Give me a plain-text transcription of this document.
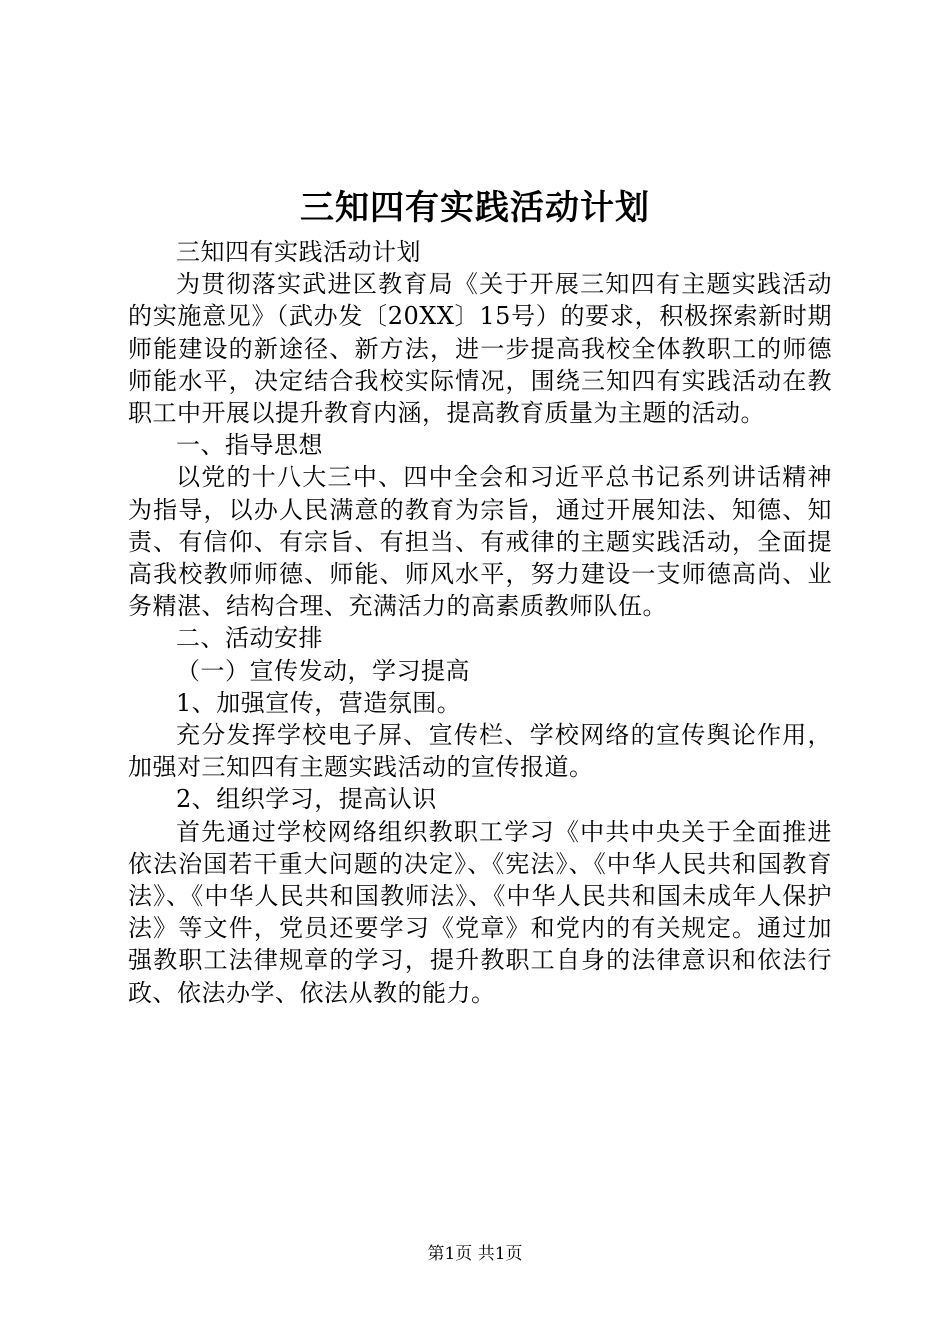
三知四有实践活动计划

三知四有实践活动计划

为贯彻落实武进区教育局《关于开展三知四有主题实践活动的实施意见》（武办发〔20XX〕15号）的要求，积极探索新时期师能建设的新途径、新方法，进一步提高我校全体教职工的师德师能水平，决定结合我校实际情况，围绕三知四有实践活动在教职工中开展以提升教育内涵，提高教育质量为主题的活动。

一、指导思想

以党的十八大三中、四中全会和习近平总书记系列讲话精神为指导，以办人民满意的教育为宗旨，通过开展知法、知德、知责、有信仰、有宗旨、有担当、有戒律的主题实践活动，全面提高我校教师师德、师能、师风水平，努力建设一支师德高尚、业务精湛、结构合理、充满活力的高素质教师队伍。

二、活动安排

（一）宣传发动，学习提高

1、加强宣传，营造氛围。

充分发挥学校电子屏、宣传栏、学校网络的宣传舆论作用，加强对三知四有主题实践活动的宣传报道。

2、组织学习，提高认识

首先通过学校网络组织教职工学习《中共中央关于全面推进依法治国若干重大问题的决定》、《宪法》、《中华人民共和国教育法》、《中华人民共和国教师法》、《中华人民共和国未成年人保护法》等文件，党员还要学习《党章》和党内的有关规定。通过加强教职工法律规章的学习，提升教职工自身的法律意识和依法行政、依法办学、依法从教的能力。

第1页 共1页
